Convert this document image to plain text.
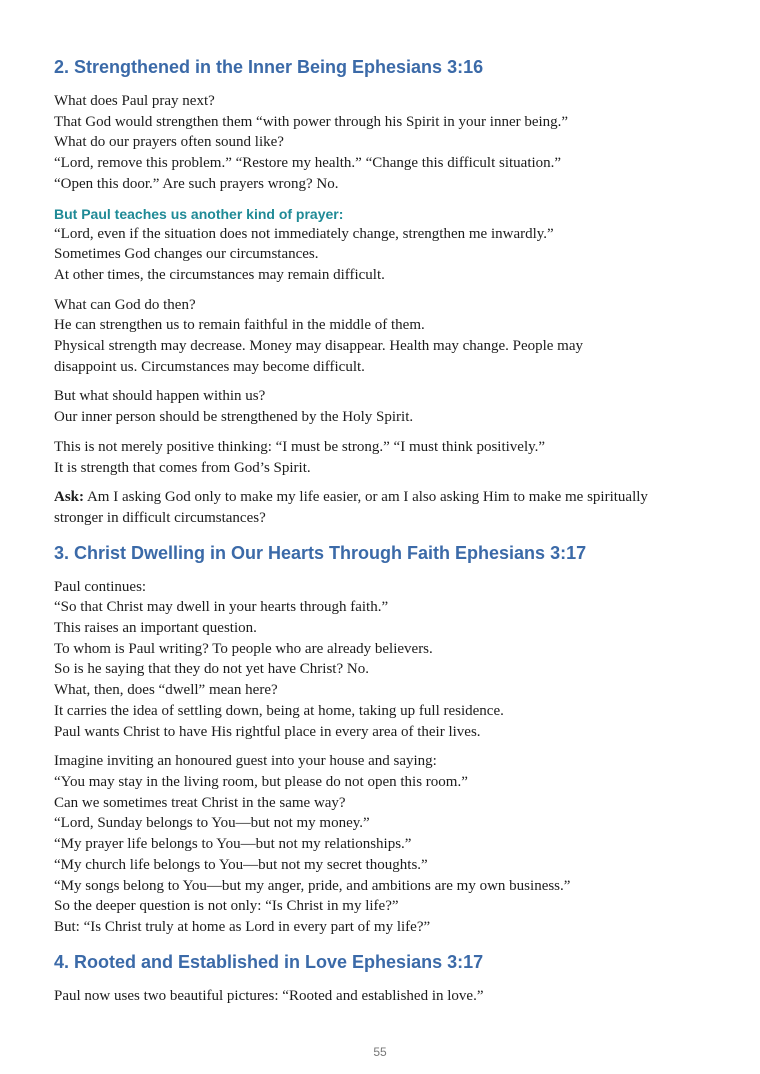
2. Strengthened in the Inner Being Ephesians 3:16

What does Paul pray next?
That God would strengthen them “with power through his Spirit in your inner being.”
What do our prayers often sound like?
“Lord, remove this problem.” “Restore my health.” “Change this difficult situation.”
“Open this door.” Are such prayers wrong? No.

But Paul teaches us another kind of prayer:

“Lord, even if the situation does not immediately change, strengthen me inwardly.”
Sometimes God changes our circumstances.
At other times, the circumstances may remain difficult.

What can God do then?
He can strengthen us to remain faithful in the middle of them.
Physical strength may decrease. Money may disappear. Health may change. People may
disappoint us. Circumstances may become difficult.

But what should happen within us?
Our inner person should be strengthened by the Holy Spirit.

This is not merely positive thinking: “I must be strong.” “I must think positively.”
It is strength that comes from God’s Spirit.

Ask: Am I asking God only to make my life easier, or am I also asking Him to make me spiritually
stronger in difficult circumstances?

3. Christ Dwelling in Our Hearts Through Faith Ephesians 3:17

Paul continues:
“So that Christ may dwell in your hearts through faith.”
This raises an important question.
To whom is Paul writing? To people who are already believers.
So is he saying that they do not yet have Christ? No.
What, then, does “dwell” mean here?
It carries the idea of settling down, being at home, taking up full residence.
Paul wants Christ to have His rightful place in every area of their lives.

Imagine inviting an honoured guest into your house and saying:
“You may stay in the living room, but please do not open this room.”
Can we sometimes treat Christ in the same way?
“Lord, Sunday belongs to You—but not my money.”
“My prayer life belongs to You—but not my relationships.”
“My church life belongs to You—but not my secret thoughts.”
“My songs belong to You—but my anger, pride, and ambitions are my own business.”
So the deeper question is not only: “Is Christ in my life?”
But: “Is Christ truly at home as Lord in every part of my life?”

4. Rooted and Established in Love Ephesians 3:17

Paul now uses two beautiful pictures: “Rooted and established in love.”

55
